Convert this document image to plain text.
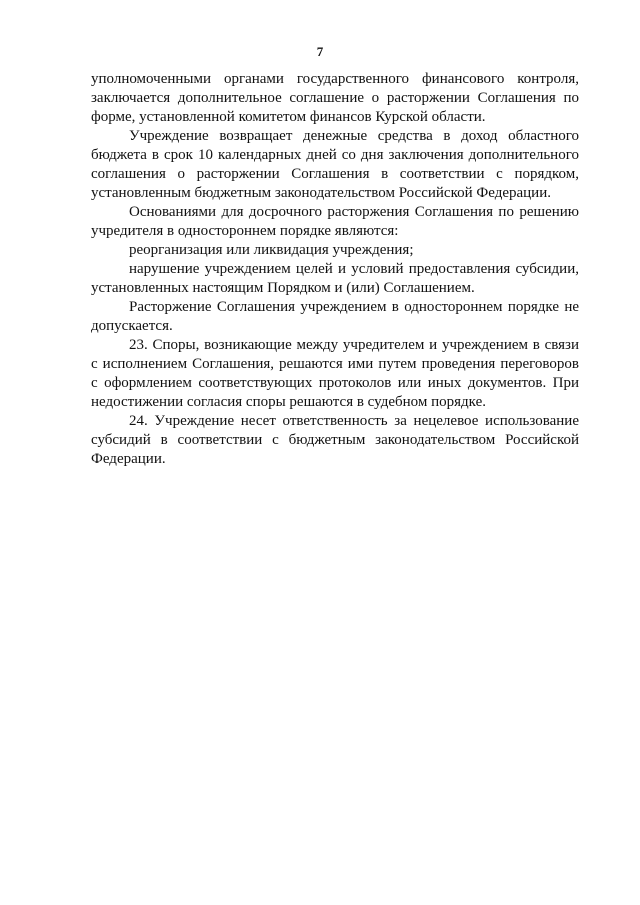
7

уполномоченными органами государственного финансового контроля, заключается дополнительное соглашение о расторжении Соглашения по форме, установленной комитетом финансов Курской области.

Учреждение возвращает денежные средства в доход областного бюджета в срок 10 календарных дней со дня заключения дополнительного соглашения о расторжении Соглашения в соответствии с порядком, установленным бюджетным законодательством Российской Федерации.

Основаниями для досрочного расторжения Соглашения по решению учредителя в одностороннем порядке являются:

реорганизация или ликвидация учреждения;

нарушение учреждением целей и условий предоставления субсидии, установленных настоящим Порядком и (или) Соглашением.

Расторжение Соглашения учреждением в одностороннем порядке не допускается.

23. Споры, возникающие между учредителем и учреждением в связи с исполнением Соглашения, решаются ими путем проведения переговоров с оформлением соответствующих протоколов или иных документов. При недостижении согласия споры решаются в судебном порядке.

24. Учреждение несет ответственность за нецелевое использование субсидий в соответствии с бюджетным законодательством Российской Федерации.
